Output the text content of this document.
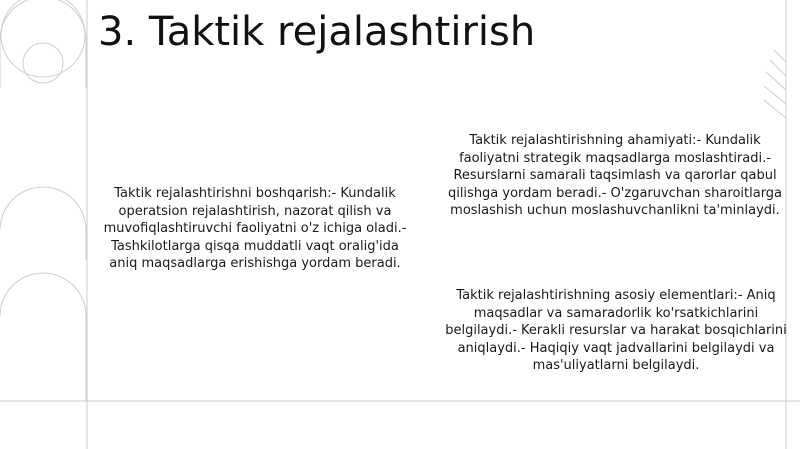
3. Taktik rejalashtirish

Taktik rejalashtirishni boshqarish:- Kundalik operatsion rejalashtirish, nazorat qilish va muvofiqlashtiruvchi faoliyatni o'z ichiga oladi.- Tashkilotlarga qisqa muddatli vaqt oralig'ida aniq maqsadlarga erishishga yordam beradi.

Taktik rejalashtirishning ahamiyati:- Kundalik faoliyatni strategik maqsadlarga moslashtiradi.- Resurslarni samarali taqsimlash va qarorlar qabul qilishga yordam beradi.- O'zgaruvchan sharoitlarga moslashish uchun moslashuvchanlikni ta'minlaydi.

Taktik rejalashtirishning asosiy elementlari:- Aniq maqsadlar va samaradorlik ko'rsatkichlarini belgilaydi.- Kerakli resurslar va harakat bosqichlarini aniqlaydi.- Haqiqiy vaqt jadvallarini belgilaydi va mas'uliyatlarni belgilaydi.
